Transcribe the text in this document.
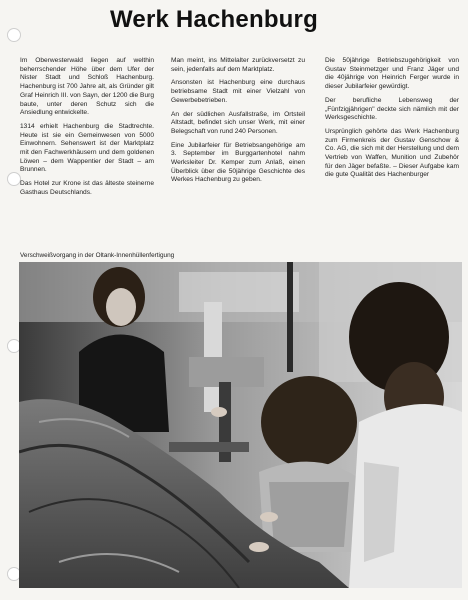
Werk Hachenburg

Im Oberwesterwald liegen auf welthin beherrschender Höhe über dem Ufer der Nister Stadt und Schloß Hachenburg. Hachenburg ist 700 Jahre alt, als Gründer gilt Graf Heinrich III. von Sayn, der 1200 die Burg baute, unter deren Schutz sich die Ansiedlung entwickelte.

1314 erhielt Hachenburg die Stadtrechte. Heute ist sie ein Gemeinwesen von 5000 Einwohnern. Sehenswert ist der Marktplatz mit den Fachwerkhäusern und dem goldenen Löwen – dem Wappentier der Stadt – am Brunnen.

Das Hotel zur Krone ist das älteste steinerne Gasthaus Deutschlands.

Man meint, ins Mittelalter zurückversetzt zu sein, jedenfalls auf dem Marktplatz.

Ansonsten ist Hachenburg eine durchaus betriebsame Stadt mit einer Vielzahl von Gewerbebetrieben.

An der südlichen Ausfallstraße, im Ortsteil Altstadt, befindet sich unser Werk, mit einer Belegschaft von rund 240 Personen.

Eine Jubilarfeier für Betriebsangehörige am 3. September im Burggartenhotel nahm Werksleiter Dr. Kemper zum Anlaß, einen Überblick über die 50jährige Geschichte des Werkes Hachenburg zu geben.

Die 50jährige Betriebszugehörigkeit von Gustav Steinmetzger und Franz Jäger und die 40jährige von Heinrich Ferger wurde in dieser Jubilarfeier gewürdigt.

Der berufliche Lebensweg der „Fünfzigjährigen" deckte sich nämlich mit der Werksgeschichte.

Ursprünglich gehörte das Werk Hachenburg zum Firmenkreis der Gustav Genschow & Co. AG, die sich mit der Herstellung und dem Vertrieb von Waffen, Munition und Zubehör für den Jäger befaßte. – Dieser Aufgabe kam die gute Qualität des Hachenburger

Verschweißvorgang in der Oltank-Innenhüllenfertigung
